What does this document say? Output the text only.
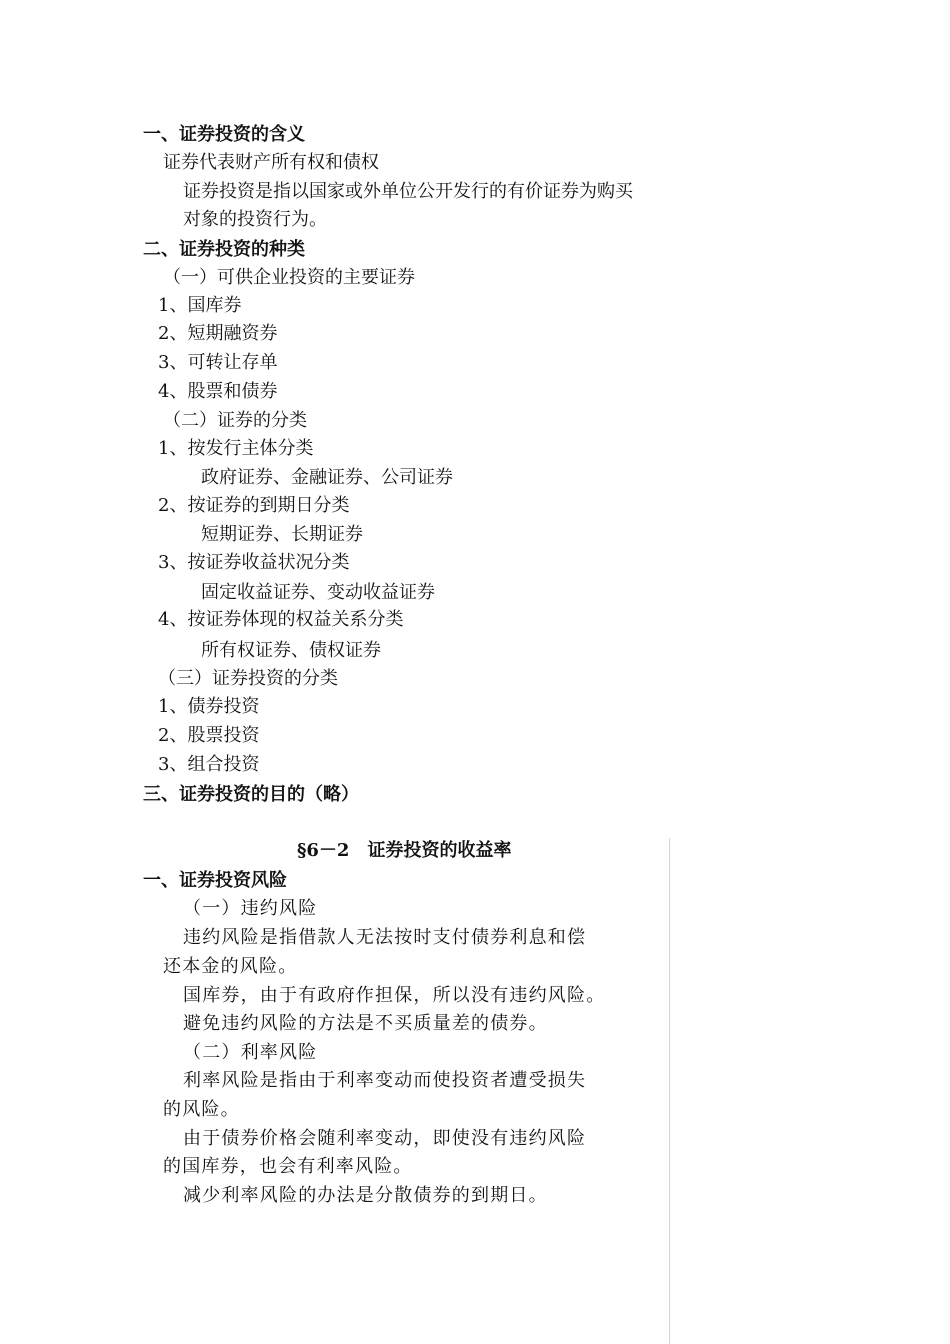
一、证券投资的含义
证券代表财产所有权和债权
证券投资是指以国家或外单位公开发行的有价证券为购买
对象的投资行为。
二、证券投资的种类
（一）可供企业投资的主要证券
1、国库券
2、短期融资券
3、可转让存单
4、股票和债券
（二）证券的分类
1、按发行主体分类
政府证券、金融证券、公司证券
2、按证券的到期日分类
短期证券、长期证券
3、按证券收益状况分类
固定收益证券、变动收益证券
4、按证券体现的权益关系分类
所有权证券、债权证券
（三）证券投资的分类
1、债券投资
2、股票投资
3、组合投资
三、证券投资的目的（略）
§6－2　证券投资的收益率
一、证券投资风险
（一）违约风险
违约风险是指借款人无法按时支付债券利息和偿
还本金的风险。
国库券，由于有政府作担保，所以没有违约风险。
避免违约风险的方法是不买质量差的债券。
（二）利率风险
利率风险是指由于利率变动而使投资者遭受损失
的风险。
由于债券价格会随利率变动，即使没有违约风险
的国库券，也会有利率风险。
减少利率风险的办法是分散债券的到期日。
